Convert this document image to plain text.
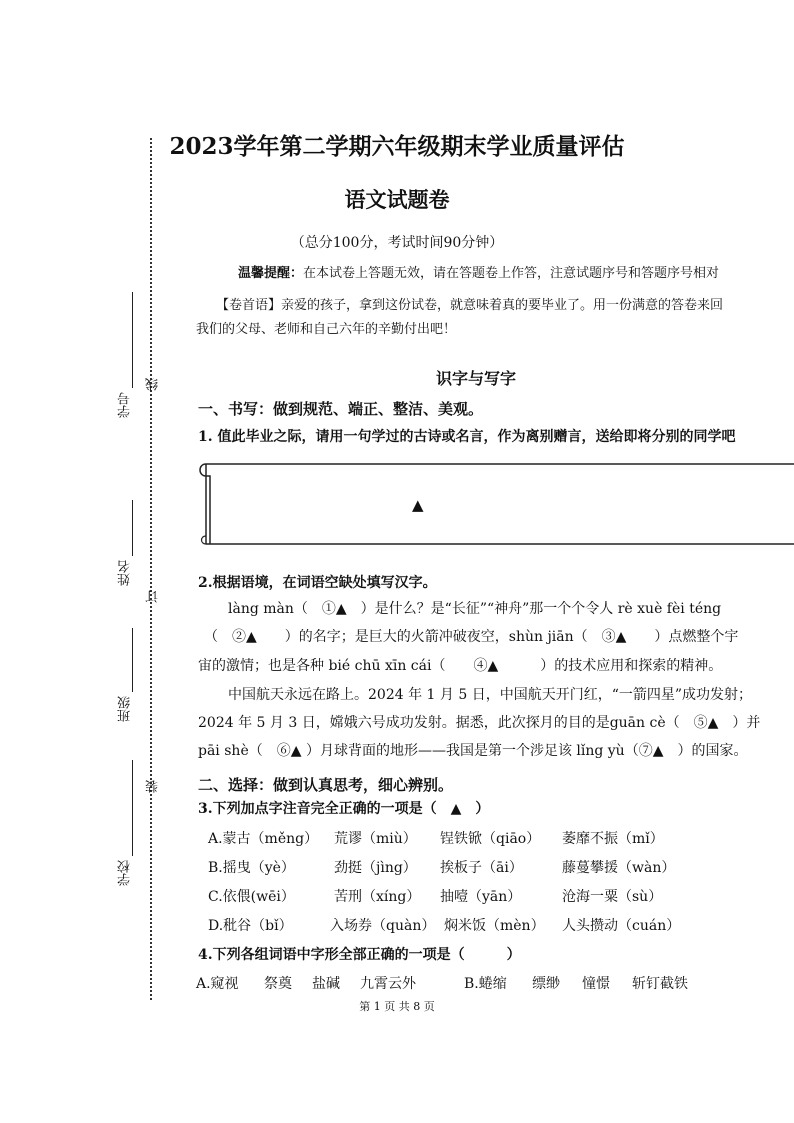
学号
线
姓名
订
班级
装
学校
2023学年第二学期六年级期末学业质量评估
语文试题卷
（总分100分，考试时间90分钟）
温馨提醒：在本试卷上答题无效，请在答题卷上作答，注意试题序号和答题序号相对
【卷首语】亲爱的孩子，拿到这份试卷，就意味着真的要毕业了。用一份满意的答卷来回
我们的父母、老师和自己六年的辛勤付出吧！
识字与写字
一、书写：做到规范、端正、整洁、美观。
1. 值此毕业之际，请用一句学过的古诗或名言，作为离别赠言，送给即将分别的同学吧
▲
2.根据语境，在词语空缺处填写汉字。
làng màn（　①▲　）是什么？是“长征”“神舟”那一个个令人 rè xuè fèi téng
（　②▲　　）的名字；是巨大的火箭冲破夜空，shùn jiān（　③▲　　）点燃整个宇
宙的激情；也是各种 bié chū xīn cái（　　④▲　　　）的技术应用和探索的精神。
中国航天永远在路上。2024 年 1 月 5 日，中国航天开门红，“一箭四星”成功发射；
2024 年 5 月 3 日，嫦娥六号成功发射。据悉，此次探月的目的是guān cè（　⑤▲　）并
pāi shè（　⑥▲ ）月球背面的地形——我国是第一个涉足该 lǐng yù（⑦▲　）的国家。
二、选择：做到认真思考，细心辨别。
3.下列加点字注音完全正确的一项是（　▲　）
A.蒙古（měng） 荒谬（miù） 锃铁锨（qiāo） 萎靡不振（mǐ）
B.摇曳（yè）	劲挺（jìng） 挨板子（āi）	藤蔓攀援（wàn）
C.依偎(wēi）	苦刑（xíng） 抽噎（yān）	沧海一粟（sù）
D.秕谷（bǐ）	入场券（quàn） 焖米饭（mèn） 人头攒动（cuán）
4.下列各组词语中字形全部正确的一项是（　　　）
A.窥视 祭奠 盐碱 九霄云外	B.蜷缩 缥缈 憧憬 斩钉截铁
第 1 页 共 8 页
